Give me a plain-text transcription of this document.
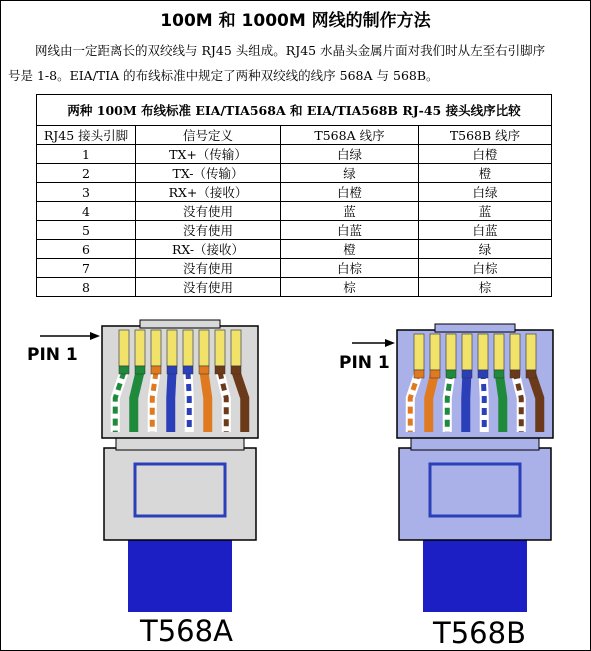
100M 和 1000M 网线的制作方法
网线由一定距离长的双绞线与 RJ45 头组成。RJ45 水晶头金属片面对我们时从左至右引脚序
号是 1-8。EIA/TIA 的布线标准中规定了两种双绞线的线序 568A 与 568B。
两种 100M 布线标准 EIA/TIA568A 和 EIA/TIA568B RJ-45 接头线序比较			
RJ45 接头引脚	信号定义	T568A 线序	T568B 线序
1	TX+（传输）	白绿	白橙
2	TX-（传输）	绿	橙
3	RX+（接收）	白橙	白绿
4	没有使用	蓝	蓝
5	没有使用	白蓝	白蓝
6	RX-（接收）	橙	绿
7	没有使用	白棕	白棕
8	没有使用	棕	棕
PIN 1	PIN 1
T568A	T568B
